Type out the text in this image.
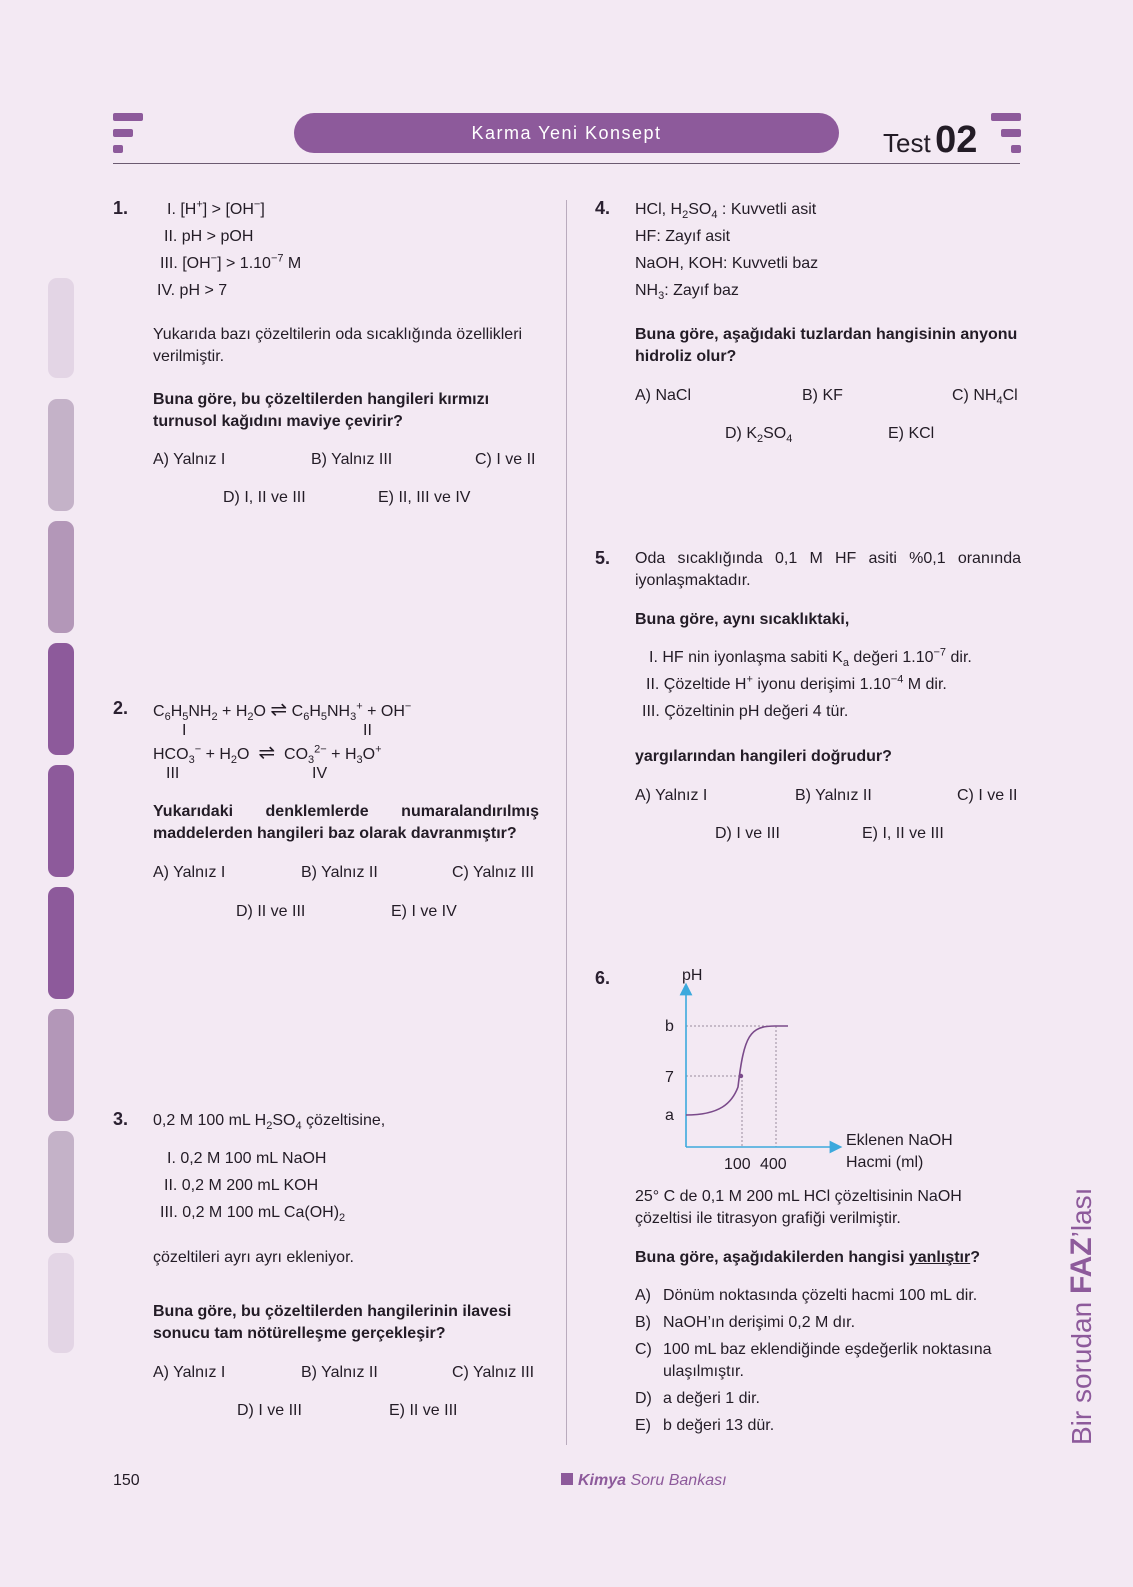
Karma Yeni Konsept	Test 02
1. I. [H+] > [OH−]
II. pH > pOH
III. $[OH^-] > 1.10^{-7}$ M
IV. pH > 7
Yukarıda bazı çözeltilerin oda sıcaklığında özellikleri verilmiştir.
Buna göre, bu çözeltilerden hangileri kırmızı turnusol kağıdını maviye çevirir?
A) Yalnız I	B) Yalnız III	C) I ve II
D) I, II ve III	E) II, III ve IV
2. $C_6H_5NH_2 + H_2O$ ⇌ $C_6H_5NH_3^+ + OH^-$
I	II
$HCO_3^- + H_2O$  ⇌  $CO_3^{2-} + H_3O^+$
III	IV
Yukarıdaki denklemlerde numaralandırılmış
maddelerden hangileri baz olarak davranmıştır?
A) Yalnız I	B) Yalnız II	C) Yalnız III
D) II ve III	E) I ve IV
3. 0,2 M 100 mL $H_2SO_4$ çözeltisine,
I. 0,2 M 100 mL NaOH
II. 0,2 M 200 mL KOH
III. 0,2 M 100 mL $Ca(OH)_2$
çözeltileri ayrı ayrı ekleniyor.
Buna göre, bu çözeltilerden hangilerinin ilavesi sonucu tam nötürelleşme gerçekleşir?
A) Yalnız I	B) Yalnız II	C) Yalnız III
D) I ve III	E) II ve III
4. HCl, $H_2SO_4$ : Kuvvetli asit
HF: Zayıf asit
NaOH, KOH: Kuvvetli baz
$NH_3$: Zayıf baz
Buna göre, aşağıdaki tuzlardan hangisinin anyonu hidroliz olur?
A) NaCl	B) KF	C) $NH_4Cl$
D) $K_2SO_4$	E) KCl
5. Oda sıcaklığında 0,1 M HF asiti %0,1 oranında
iyonlaşmaktadır.
Buna göre, aynı sıcaklıktaki,
I. HF nin iyonlaşma sabiti $K_a$ değeri $1.10^{-7}$ dir.
II. Çözeltide H+ iyonu derişimi $1.10^{-4}$ M dir.
III. Çözeltinin pH değeri 4 tür.
yargılarından hangileri doğrudur?
A) Yalnız I	B) Yalnız II	C) I ve II
D) I ve III	E) I, II ve III
6.	pH
b
7
a
100 400
Eklenen NaOH
Hacmi (ml)
25° C de 0,1 M 200 mL HCl çözeltisinin NaOH çözeltisi ile titrasyon grafiği verilmiştir.
Buna göre, aşağıdakilerden hangisi yanlıştır?
A) Dönüm noktasında çözelti hacmi 100 mL dir.
B) NaOH’ın derişimi 0,2 M dır.
C) 100 mL baz eklendiğinde eşdeğerlik noktasına ulaşılmıştır.
D) a değeri 1 dir.
E) b değeri 13 dür.	Bir sorudan FAZ’lası
150	Kimya Soru Bankası
